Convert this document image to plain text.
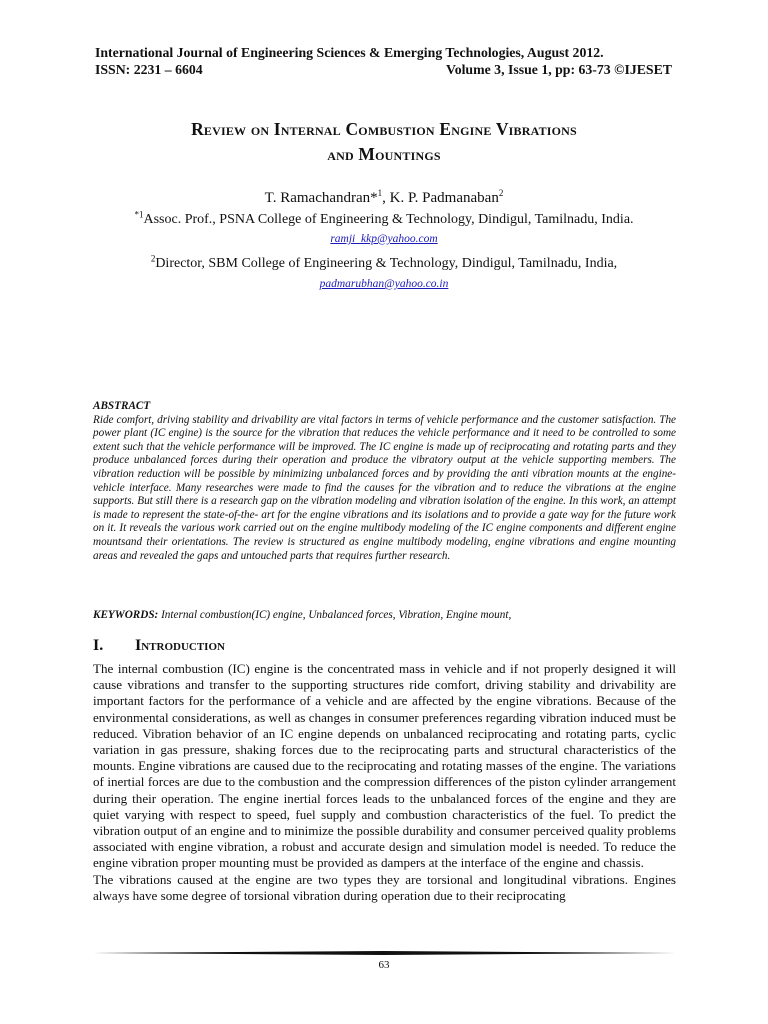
International Journal of Engineering Sciences & Emerging Technologies, August 2012.
ISSN: 2231 – 6604	Volume 3, Issue 1, pp: 63-73 ©IJESET
Review on Internal Combustion Engine Vibrations
and Mountings
T. Ramachandran*$^1$, K. P. Padmanaban$^2$
$^{*1}$Assoc. Prof., PSNA College of Engineering & Technology, Dindigul, Tamilnadu, India.
ramji_kkp@yahoo.com
$^2$Director, SBM College of Engineering & Technology, Dindigul, Tamilnadu, India,
padmarubhan@yahoo.co.in
ABSTRACT
Ride comfort, driving stability and drivability are vital factors in terms of vehicle performance and the customer satisfaction. The power plant (IC engine) is the source for the vibration that reduces the vehicle performance and it need to be controlled to some extent such that the vehicle performance will be improved. The IC engine is made up of reciprocating and rotating parts and they produce unbalanced forces during their operation and produce the vibratory output at the vehicle supporting members. The vibration reduction will be possible by minimizing unbalanced forces and by providing the anti vibration mounts at the engine-vehicle interface. Many researches were made to find the causes for the vibration and to reduce the vibrations at the engine supports. But still there is a research gap on the vibration modeling and vibration isolation of the engine. In this work, an attempt is made to represent the state-of-the- art for the engine vibrations and its isolations and to provide a gate way for the future work on it. It reveals the various work carried out on the engine multibody modeling of the IC engine components and different engine mountsand their orientations. The review is structured as engine multibody modeling, engine vibrations and engine mounting areas and revealed the gaps and untouched parts that requires further research.
KEYWORDS: Internal combustion(IC) engine, Unbalanced forces, Vibration, Engine mount,
I. Introduction

The internal combustion (IC) engine is the concentrated mass in vehicle and if not properly designed it will cause vibrations and transfer to the supporting structures ride comfort, driving stability and drivability are important factors for the performance of a vehicle and are affected by the engine vibrations. Because of the environmental considerations, as well as changes in consumer preferences regarding vibration induced must be reduced. Vibration behavior of an IC engine depends on unbalanced reciprocating and rotating parts, cyclic variation in gas pressure, shaking forces due to the reciprocating parts and structural characteristics of the mounts. Engine vibrations are caused due to the reciprocating and rotating masses of the engine. The variations of inertial forces are due to the combustion and the compression differences of the piston cylinder arrangement during their operation. The engine inertial forces leads to the unbalanced forces of the engine and they are quiet varying with respect to speed, fuel supply and combustion characteristics of the fuel. To predict the vibration output of an engine and to minimize the possible durability and consumer perceived quality problems associated with engine vibration, a robust and accurate design and simulation model is needed. To reduce the engine vibration proper mounting must be provided as dampers at the interface of the engine and chassis.

The vibrations caused at the engine are two types they are torsional and longitudinal vibrations. Engines always have some degree of torsional vibration during operation due to their reciprocating

63
